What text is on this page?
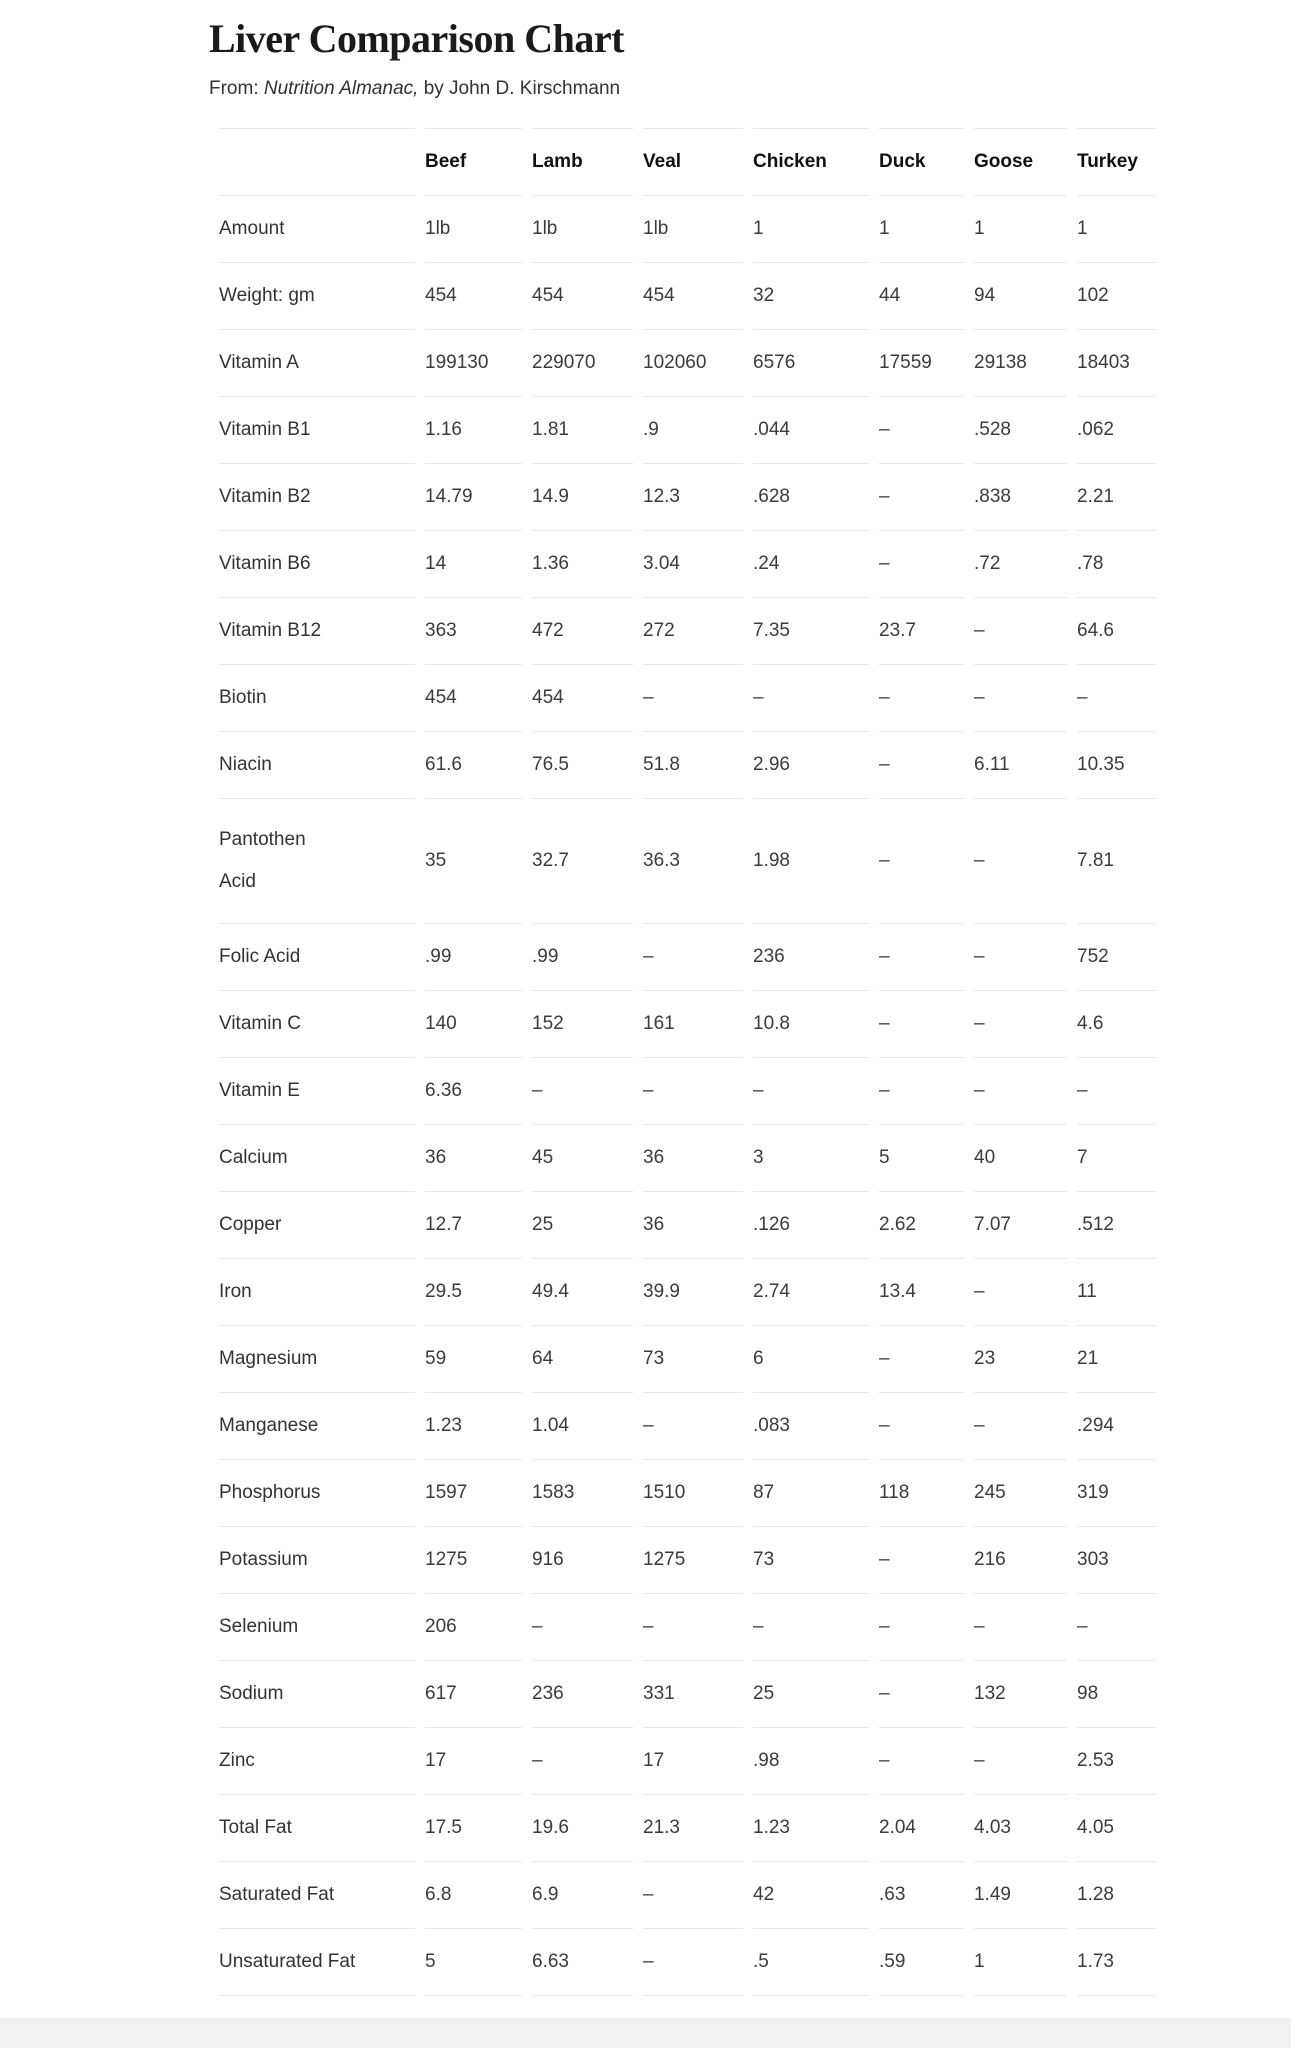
Liver Comparison Chart
From: Nutrition Almanac, by John D. Kirschmann
	Beef	Lamb	Veal	Chicken	Duck	Goose	Turkey
Amount	1lb	1lb	1lb	1	1	1	1
Weight: gm	454	454	454	32	44	94	102
Vitamin A	199130	229070	102060	6576	17559	29138	18403
Vitamin B1	1.16	1.81	.9	.044	–	.528	.062
Vitamin B2	14.79	14.9	12.3	.628	–	.838	2.21
Vitamin B6	14	1.36	3.04	.24	–	.72	.78
Vitamin B12	363	472	272	7.35	23.7	–	64.6
Biotin	454	454	–	–	–	–	–
Niacin	61.6	76.5	51.8	2.96	–	6.11	10.35
Pantothen Acid	35	32.7	36.3	1.98	–	–	7.81
Folic Acid	.99	.99	–	236	–	–	752
Vitamin C	140	152	161	10.8	–	–	4.6
Vitamin E	6.36	–	–	–	–	–	–
Calcium	36	45	36	3	5	40	7
Copper	12.7	25	36	.126	2.62	7.07	.512
Iron	29.5	49.4	39.9	2.74	13.4	–	11
Magnesium	59	64	73	6	–	23	21
Manganese	1.23	1.04	–	.083	–	–	.294
Phosphorus	1597	1583	1510	87	118	245	319
Potassium	1275	916	1275	73	–	216	303
Selenium	206	–	–	–	–	–	–
Sodium	617	236	331	25	–	132	98
Zinc	17	–	17	.98	–	–	2.53
Total Fat	17.5	19.6	21.3	1.23	2.04	4.03	4.05
Saturated Fat	6.8	6.9	–	42	.63	1.49	1.28
Unsaturated Fat	5	6.63	–	.5	.59	1	1.73
